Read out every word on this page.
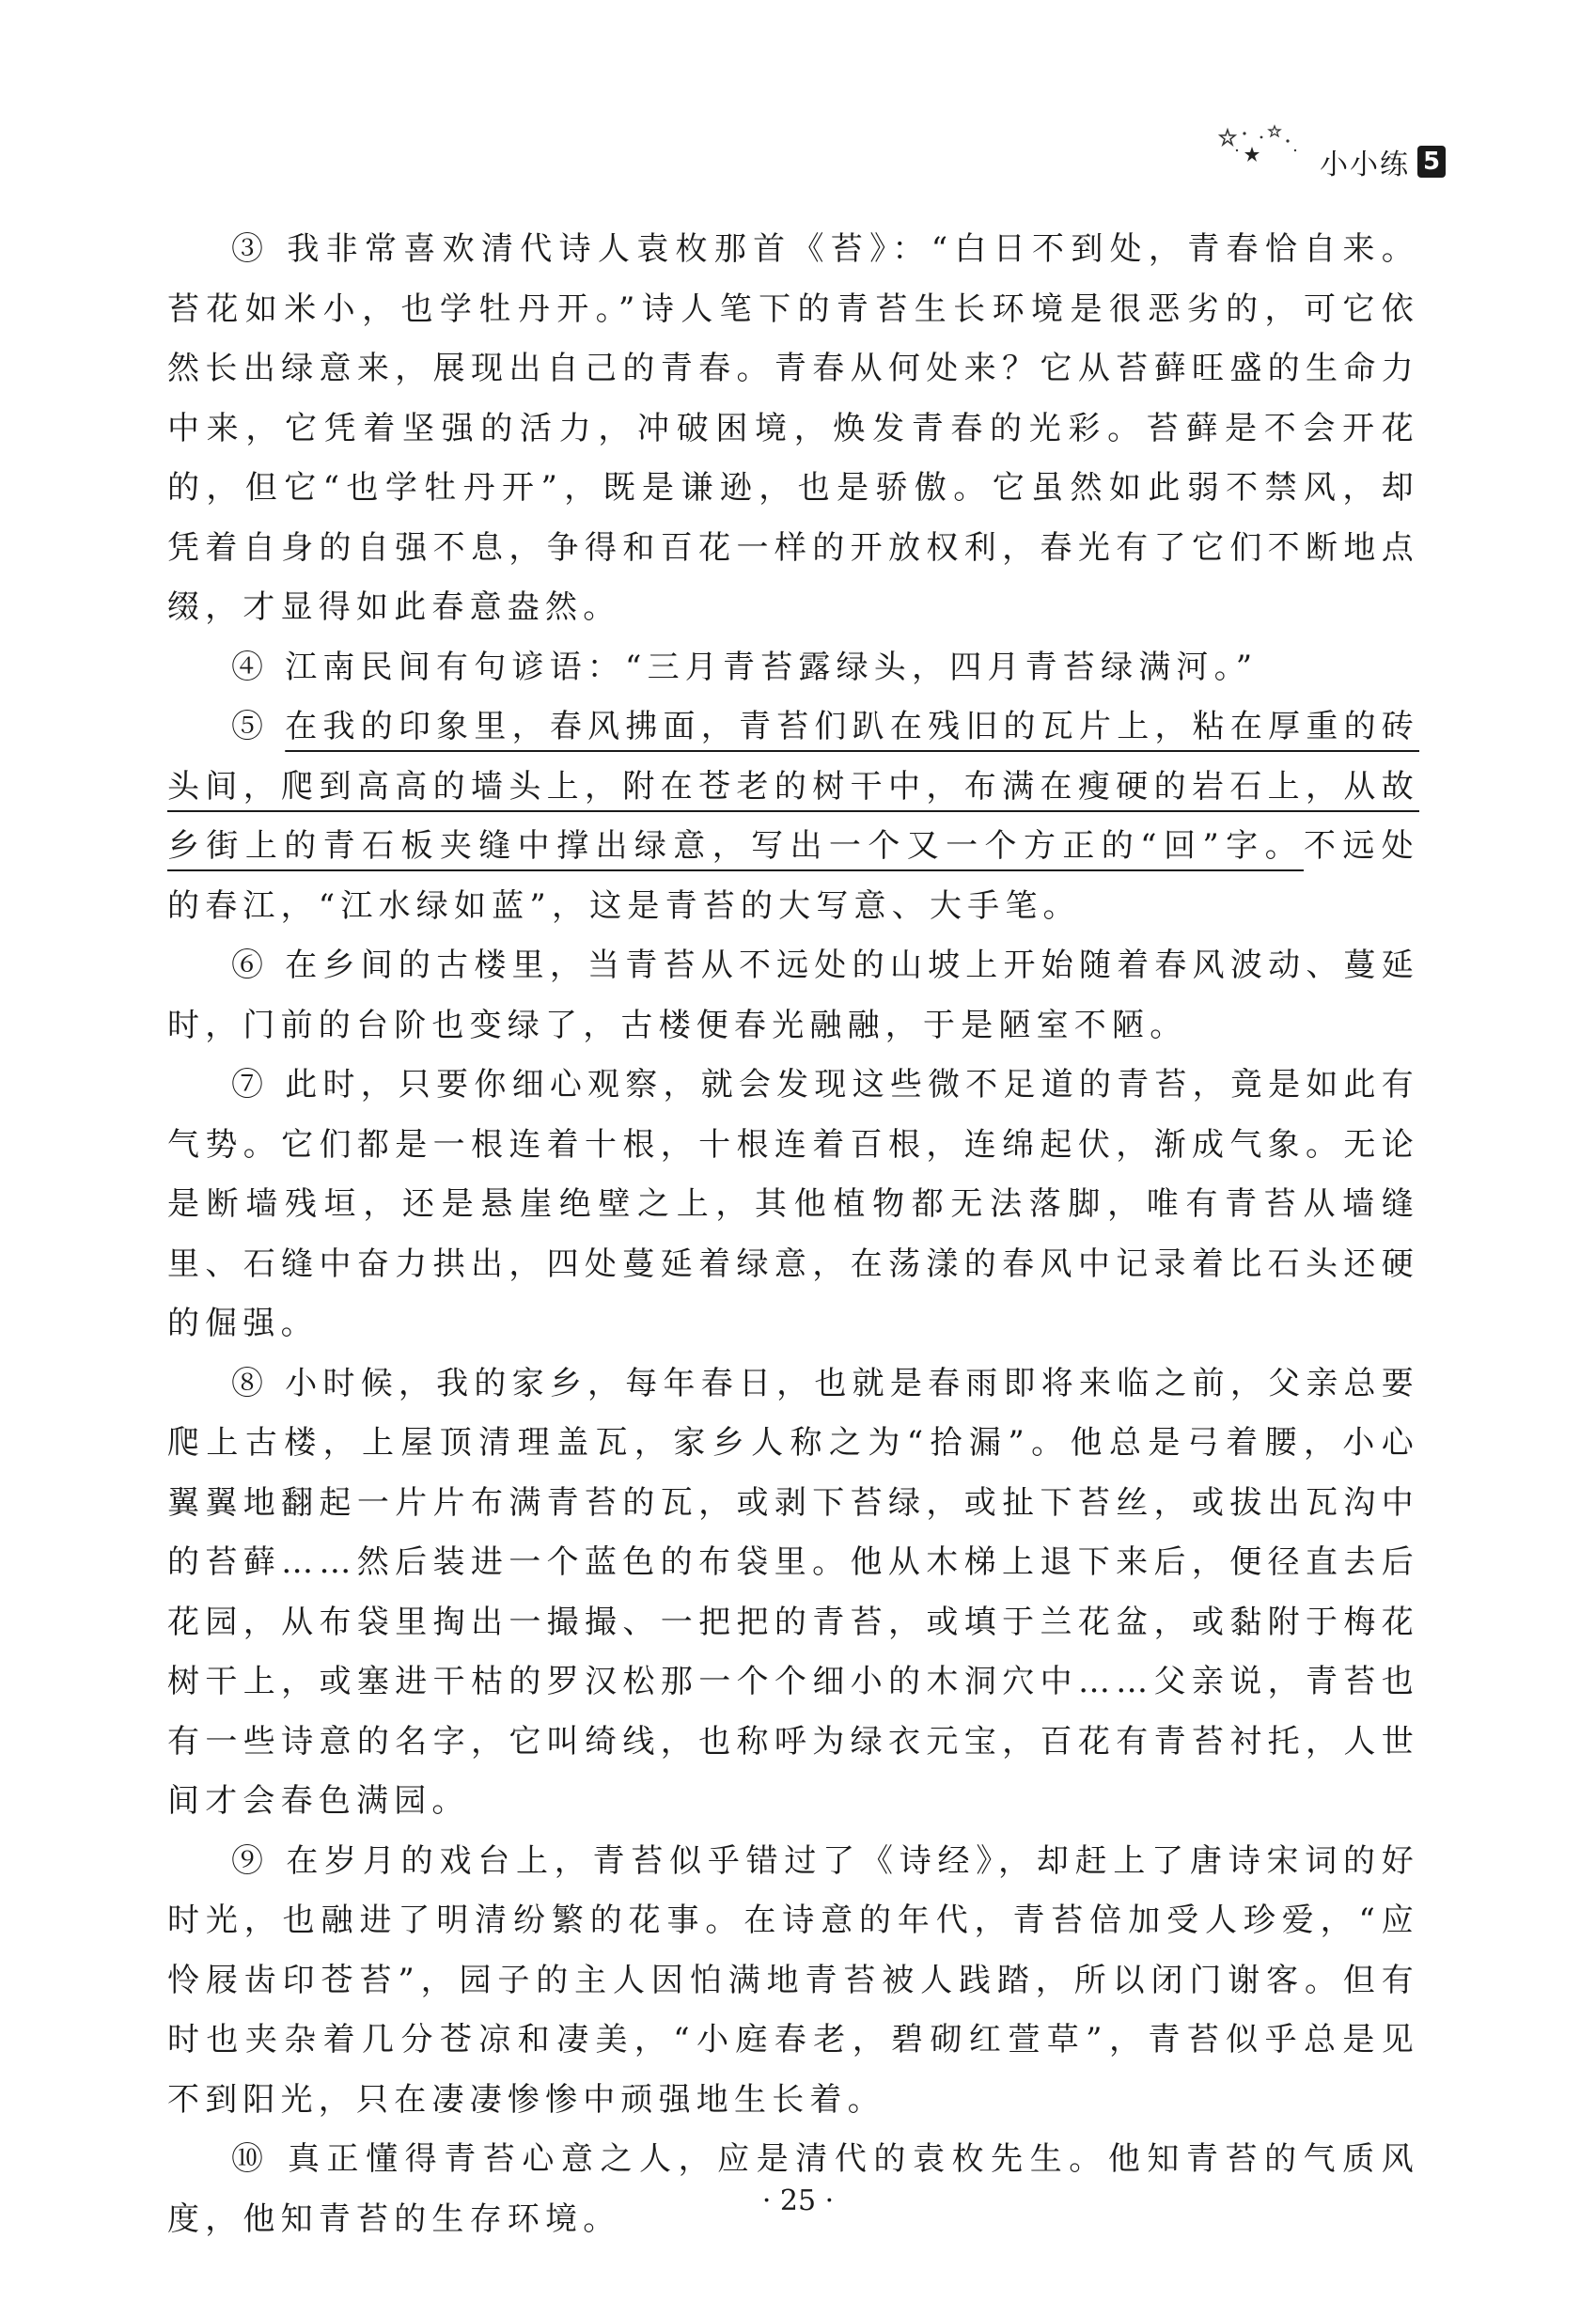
小小练 5

③ 我非常喜欢清代诗人袁枚那首《苔》：“白日不到处，青春恰自来。苔花如米小，也学牡丹开。”诗人笔下的青苔生长环境是很恶劣的，可它依然长出绿意来，展现出自己的青春。青春从何处来？它从苔藓旺盛的生命力中来，它凭着坚强的活力，冲破困境，焕发青春的光彩。苔藓是不会开花的，但它“也学牡丹开”，既是谦逊，也是骄傲。它虽然如此弱不禁风，却凭着自身的自强不息，争得和百花一样的开放权利，春光有了它们不断地点缀，才显得如此春意盎然。

④ 江南民间有句谚语：“三月青苔露绿头，四月青苔绿满河。”

⑤ 在我的印象里，春风拂面，青苔们趴在残旧的瓦片上，粘在厚重的砖头间，爬到高高的墙头上，附在苍老的树干中，布满在瘦硬的岩石上，从故乡街上的青石板夹缝中撑出绿意，写出一个又一个方正的“回”字。不远处的春江，“江水绿如蓝”，这是青苔的大写意、大手笔。

⑥ 在乡间的古楼里，当青苔从不远处的山坡上开始随着春风波动、蔓延时，门前的台阶也变绿了，古楼便春光融融，于是陋室不陋。

⑦ 此时，只要你细心观察，就会发现这些微不足道的青苔，竟是如此有气势。它们都是一根连着十根，十根连着百根，连绵起伏，渐成气象。无论是断墙残垣，还是悬崖绝壁之上，其他植物都无法落脚，唯有青苔从墙缝里、石缝中奋力拱出，四处蔓延着绿意，在荡漾的春风中记录着比石头还硬的倔强。

⑧ 小时候，我的家乡，每年春日，也就是春雨即将来临之前，父亲总要爬上古楼，上屋顶清理盖瓦，家乡人称之为“拾漏”。他总是弓着腰，小心翼翼地翻起一片片布满青苔的瓦，或剥下苔绿，或扯下苔丝，或拔出瓦沟中的苔藓……然后装进一个蓝色的布袋里。他从木梯上退下来后，便径直去后花园，从布袋里掏出一撮撮、一把把的青苔，或填于兰花盆，或黏附于梅花树干上，或塞进干枯的罗汉松那一个个细小的木洞穴中……父亲说，青苔也有一些诗意的名字，它叫绮线，也称呼为绿衣元宝，百花有青苔衬托，人世间才会春色满园。

⑨ 在岁月的戏台上，青苔似乎错过了《诗经》，却赶上了唐诗宋词的好时光，也融进了明清纷繁的花事。在诗意的年代，青苔倍加受人珍爱，“应怜屐齿印苍苔”，园子的主人因怕满地青苔被人践踏，所以闭门谢客。但有时也夹杂着几分苍凉和凄美，“小庭春老，碧砌红萱草”，青苔似乎总是见不到阳光，只在凄凄惨惨中顽强地生长着。

⑩ 真正懂得青苔心意之人，应是清代的袁枚先生。他知青苔的气质风度，他知青苔的生存环境。	· 25 ·
